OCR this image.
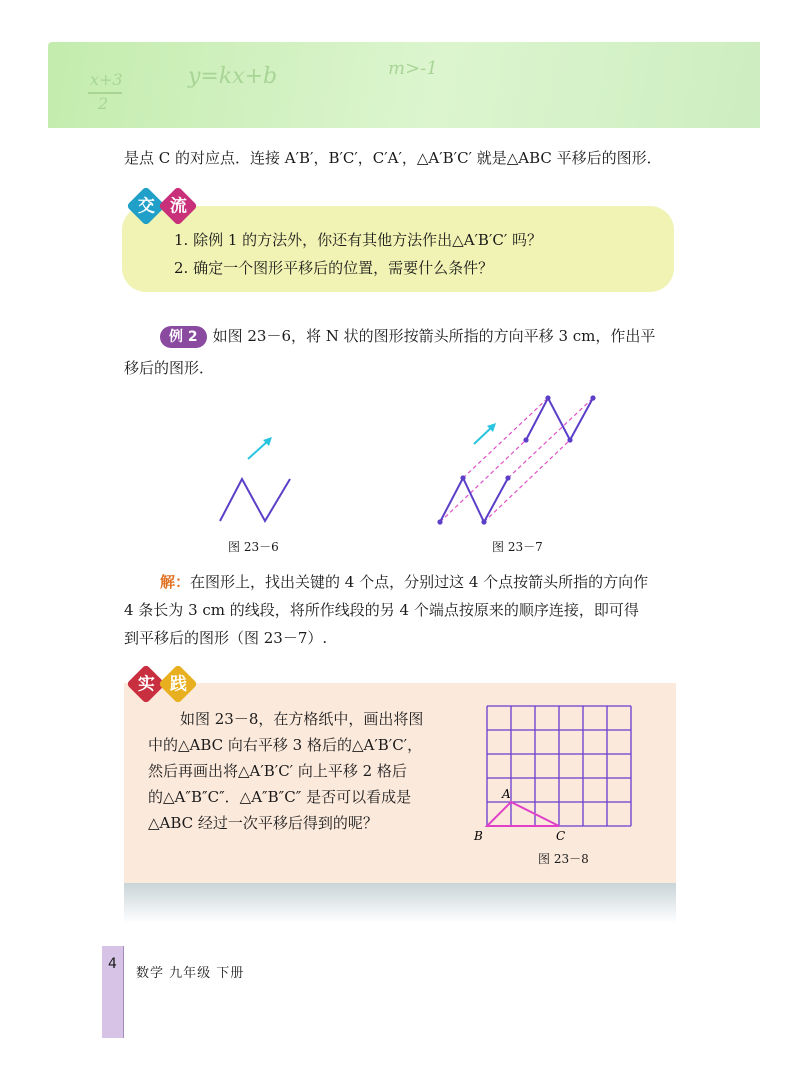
x+3
2
y=kx+b	m>-1
是点 C 的对应点．连接 A′B′，B′C′，C′A′，△A′B′C′ 就是△ABC 平移后的图形．
交 流
1. 除例 1 的方法外，你还有其他方法作出△A′B′C′ 吗？
2. 确定一个图形平移后的位置，需要什么条件？
例 2 如图 23－6，将 N 状的图形按箭头所指的方向平移 3 cm，作出平
移后的图形．
图 23－6	图 23－7
解：在图形上，找出关键的 4 个点，分别过这 4 个点按箭头所指的方向作
4 条长为 3 cm 的线段，将所作线段的另 4 个端点按原来的顺序连接，即可得
到平移后的图形（图 23－7）.
实 践
如图 23－8，在方格纸中，画出将图
中的△ABC 向右平移 3 格后的△A′B′C′，
然后再画出将△A′B′C′ 向上平移 2 格后
的△A″B″C″．△A″B″C″ 是否可以看成是
△ABC 经过一次平移后得到的呢？
A
B	C
图 23－8
4
数学 九年级 下册
